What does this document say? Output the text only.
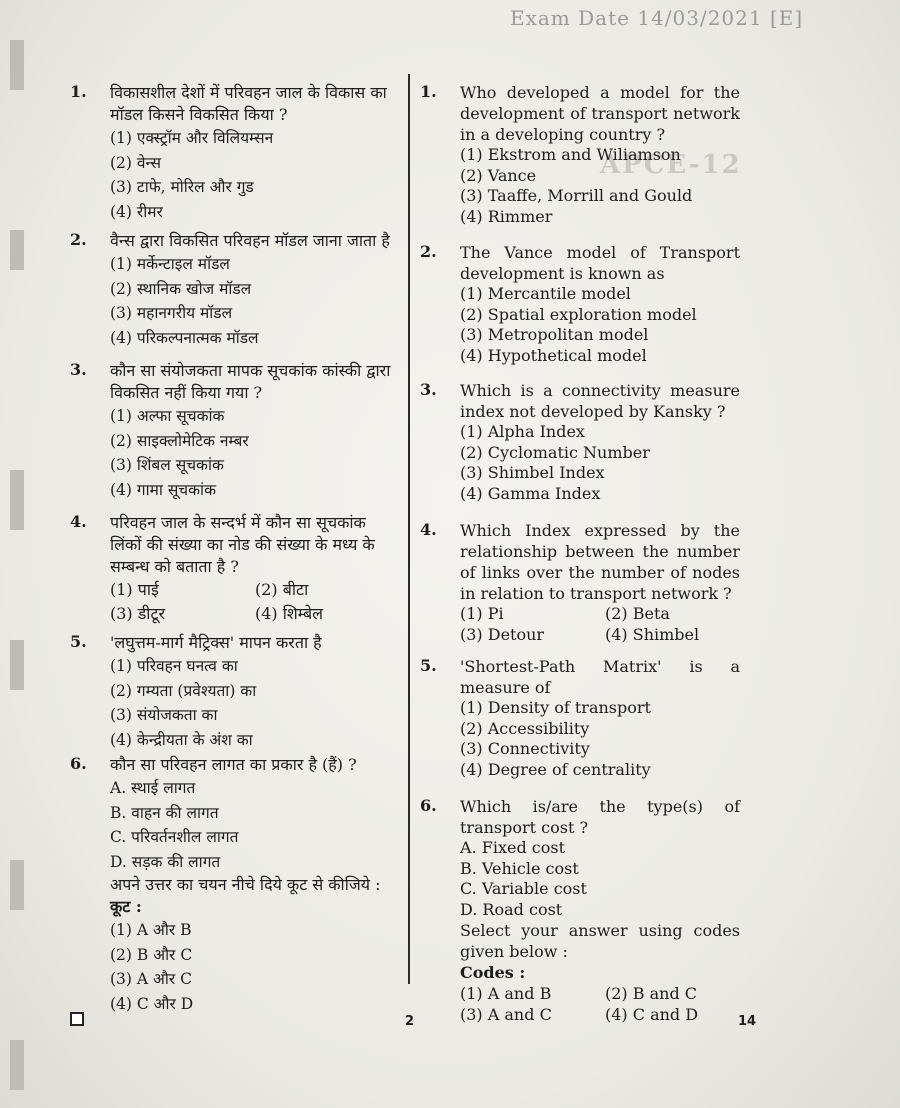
APCE-12
Exam Date 14/03/2021 [E]
1. विकासशील देशों में परिवहन जाल के विकास का मॉडल किसने विकसित किया ?
(1) एक्स्ट्रॉम और विलियम्सन
(2) वेन्स
(3) टाफे, मोरिल और गुड
(4) रीमर
2. वैन्स द्वारा विकसित परिवहन मॉडल जाना जाता है
(1) मर्केन्टाइल मॉडल
(2) स्थानिक खोज मॉडल
(3) महानगरीय मॉडल
(4) परिकल्पनात्मक मॉडल
3. कौन सा संयोजकता मापक सूचकांक कांस्की द्वारा विकसित नहीं किया गया ?
(1) अल्फा सूचकांक
(2) साइक्लोमेटिक नम्बर
(3) शिंबल सूचकांक
(4) गामा सूचकांक
4. परिवहन जाल के सन्दर्भ में कौन सा सूचकांक लिंकों की संख्या का नोड की संख्या के मध्य के सम्बन्ध को बताता है ?
(1) पाई	(2) बीटा
(3) डीटूर	(4) शिम्बेल
5. 'लघुत्तम-मार्ग मैट्रिक्स' मापन करता है
(1) परिवहन घनत्व का
(2) गम्यता (प्रवेश्यता) का
(3) संयोजकता का
(4) केन्द्रीयता के अंश का
6. कौन सा परिवहन लागत का प्रकार है (हैं) ?
A. स्थाई लागत
B. वाहन की लागत
C. परिवर्तनशील लागत
D. सड़क की लागत
अपने उत्तर का चयन नीचे दिये कूट से कीजिये :
कूट :
(1) A और B
(2) B और C
(3) A और C
(4) C और D
1. Who developed a model for the development of transport network in a developing country ?
(1) Ekstrom and Wiliamson
(2) Vance
(3) Taaffe, Morrill and Gould
(4) Rimmer
2. The Vance model of Transport development is known as
(1) Mercantile model
(2) Spatial exploration model
(3) Metropolitan model
(4) Hypothetical model
3. Which is a connectivity measure index not developed by Kansky ?
(1) Alpha Index
(2) Cyclomatic Number
(3) Shimbel Index
(4) Gamma Index
4. Which Index expressed by the relationship between the number of links over the number of nodes in relation to transport network ?
(1) Pi	(2) Beta
(3) Detour	(4) Shimbel
5. 'Shortest-Path Matrix' is a measure of
(1) Density of transport
(2) Accessibility
(3) Connectivity
(4) Degree of centrality
6. Which is/are the type(s) of transport cost ?
A. Fixed cost
B. Vehicle cost
C. Variable cost
D. Road cost
Select your answer using codes given below :
Codes :
(1) A and B	(2) B and C
(3) A and C	(4) C and D
2	14
